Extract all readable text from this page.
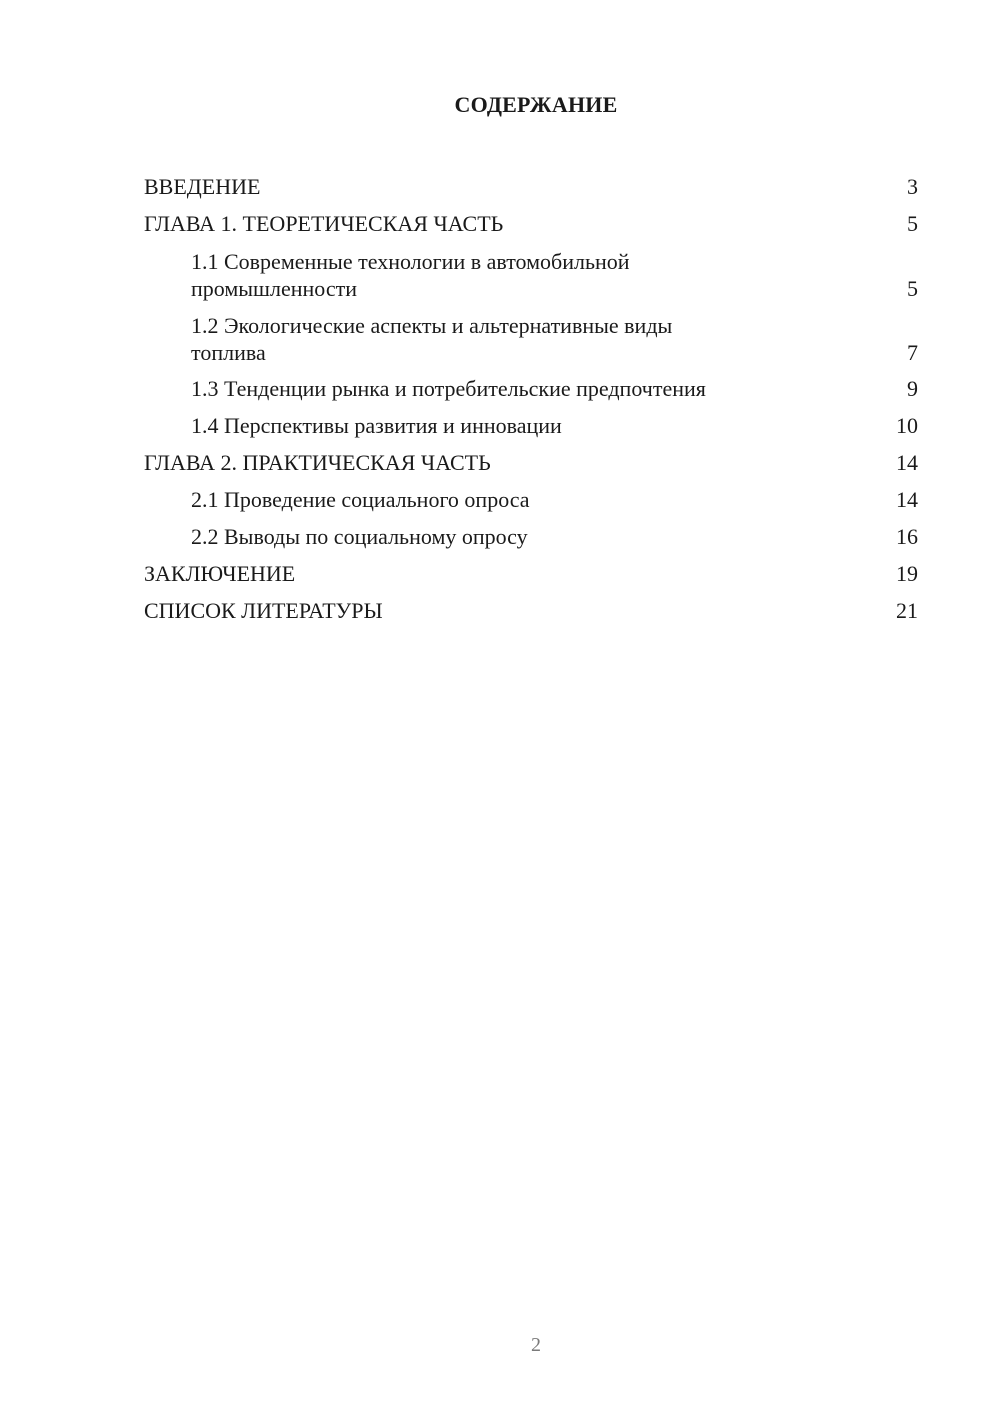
СОДЕРЖАНИЕ
ВВЕДЕНИЕ	3
ГЛАВА 1. ТЕОРЕТИЧЕСКАЯ ЧАСТЬ	5
1.1 Современные технологии в автомобильной промышленности	5
1.2 Экологические аспекты и альтернативные виды топлива	7
1.3 Тенденции рынка и потребительские предпочтения	9
1.4 Перспективы развития и инновации	10
ГЛАВА 2. ПРАКТИЧЕСКАЯ ЧАСТЬ	14
2.1 Проведение социального опроса	14
2.2 Выводы по социальному опросу	16
ЗАКЛЮЧЕНИЕ	19
СПИСОК ЛИТЕРАТУРЫ	21
2
